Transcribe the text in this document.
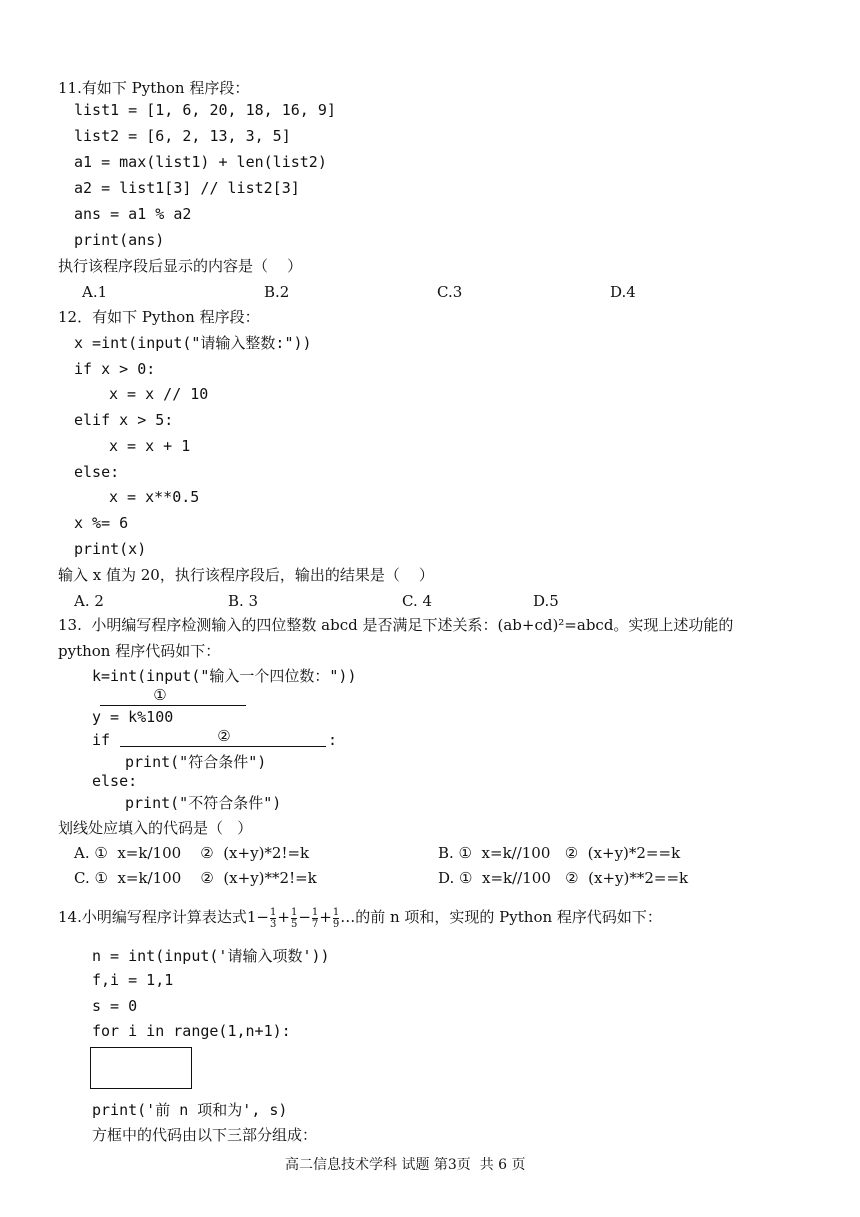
11.有如下 Python 程序段：
list1 = [1, 6, 20, 18, 16, 9]
list2 = [6, 2, 13, 3, 5]
a1 = max(list1) + len(list2)
a2 = list1[3] // list2[3]
ans = a1 % a2
print(ans)
执行该程序段后显示的内容是（    ）
A.1	B.2	C.3	D.4
12．有如下 Python 程序段：
x =int(input("请输入整数:"))
if x > 0:
x = x // 10
elif x > 5:
x = x + 1
else:
x = x**0.5
x %= 6
print(x)
输入 x 值为 20，执行该程序段后，输出的结果是（    ）
A. 2	B. 3	C. 4	D.5
13.  小明编写程序检测输入的四位整数 abcd 是否满足下述关系：(ab+cd)²=abcd。实现上述功能的
python 程序代码如下：
k=int(input("输入一个四位数："))
①
y = k%100
if	②	:
print("符合条件")
else:
print("不符合条件")
划线处应填入的代码是（   ）
A. ①  x=k/100    ②  (x+y)*2!=k	B. ①  x=k//100   ②  (x+y)*2==k
C. ①  x=k/100    ②  (x+y)**2!=k	D. ①  x=k//100   ②  (x+y)**2==k
14.小明编写程序计算表达式$1- \frac{1}{3} + \frac{1}{5} - \frac{1}{7} + \frac{1}{9}$ …的前 n 项和，实现的 Python 程序代码如下：
n = int(input('请输入项数'))
f,i = 1,1
s = 0
for i in range(1,n+1):
print('前 n 项和为', s)
方框中的代码由以下三部分组成：
高二信息技术学科 试题 第3页  共 6 页
